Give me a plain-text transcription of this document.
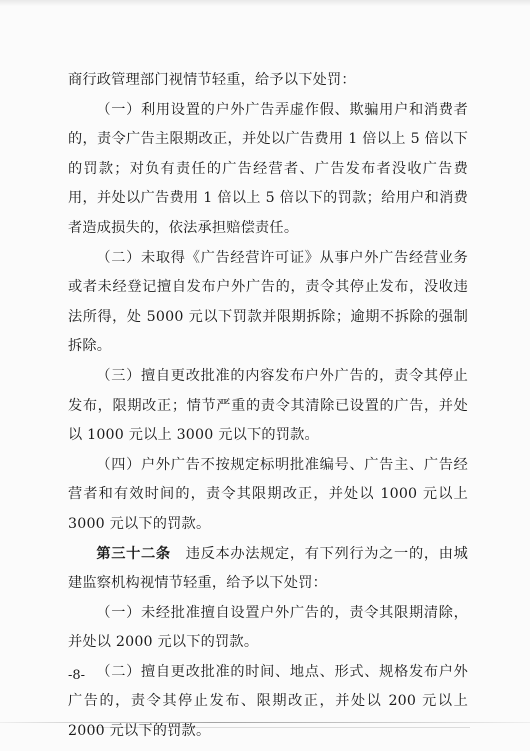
商行政管理部门视情节轻重，给予以下处罚：

（一）利用设置的户外广告弄虚作假、欺骗用户和消费者的，责令广告主限期改正，并处以广告费用 1 倍以上 5 倍以下的罚款；对负有责任的广告经营者、广告发布者没收广告费用，并处以广告费用 1 倍以上 5 倍以下的罚款；给用户和消费者造成损失的，依法承担赔偿责任。

（二）未取得《广告经营许可证》从事户外广告经营业务或者未经登记擅自发布户外广告的，责令其停止发布，没收违法所得，处 5000 元以下罚款并限期拆除；逾期不拆除的强制拆除。

（三）擅自更改批准的内容发布户外广告的，责令其停止发布，限期改正；情节严重的责令其清除已设置的广告，并处以 1000 元以上 3000 元以下的罚款。

（四）户外广告不按规定标明批准编号、广告主、广告经营者和有效时间的，责令其限期改正，并处以 1000 元以上 3000 元以下的罚款。

第三十二条  违反本办法规定，有下列行为之一的，由城建监察机构视情节轻重，给予以下处罚：

（一）未经批准擅自设置户外广告的，责令其限期清除，并处以 2000 元以下的罚款。

（二）擅自更改批准的时间、地点、形式、规格发布户外广告的，责令其停止发布、限期改正，并处以 200 元以上 2000 元以下的罚款。

-8-
